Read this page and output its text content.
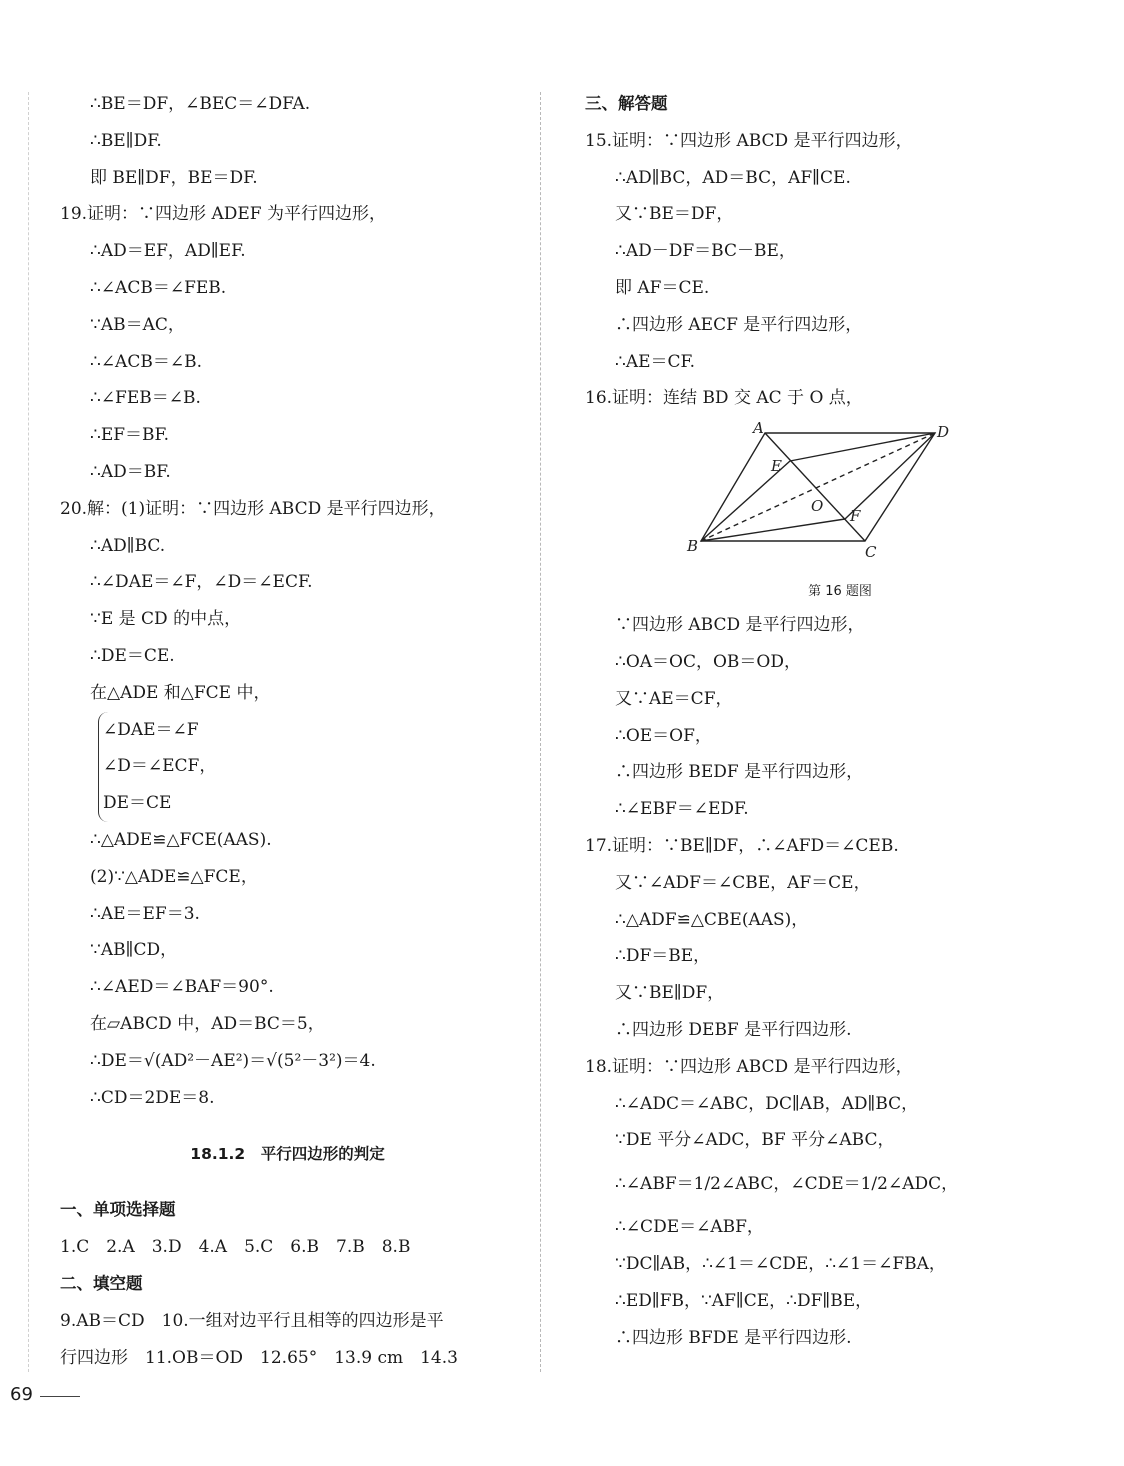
∴BE＝DF，∠BEC＝∠DFA.
∴BE∥DF.
即 BE∥DF，BE＝DF.
19.证明：∵四边形 ADEF 为平行四边形，
∴AD＝EF，AD∥EF.
∴∠ACB＝∠FEB.
∵AB＝AC，
∴∠ACB＝∠B.
∴∠FEB＝∠B.
∴EF＝BF.
∴AD＝BF.
20.解：(1)证明：∵四边形 ABCD 是平行四边形，
∴AD∥BC.
∴∠DAE＝∠F，∠D＝∠ECF.
∵E 是 CD 的中点，
∴DE＝CE.
在△ADE 和△FCE 中，
∠DAE＝∠F
∠D＝∠ECF，
DE＝CE
∴△ADE≌△FCE(AAS).
(2)∵△ADE≌△FCE，
∴AE＝EF＝3.
∵AB∥CD，
∴∠AED＝∠BAF＝90°.
在▱ABCD 中，AD＝BC＝5，
∴DE＝√(AD²－AE²)＝√(5²－3²)＝4.
∴CD＝2DE＝8.
18.1.2　平行四边形的判定
一、单项选择题
1.C　2.A　3.D　4.A　5.C　6.B　7.B　8.B
二、填空题
9.AB＝CD　10.一组对边平行且相等的四边形是平
行四边形　11.OB＝OD　12.65°　13.9 cm　14.3
三、解答题
15.证明：∵四边形 ABCD 是平行四边形，
∴AD∥BC，AD＝BC，AF∥CE.
又∵BE＝DF，
∴AD－DF＝BC－BE，
即 AF＝CE.
∴四边形 AECF 是平行四边形，
∴AE＝CF.
16.证明：连结 BD 交 AC 于 O 点，
A	D
B	C
E
F
O
第 16 题图
∵四边形 ABCD 是平行四边形，
∴OA＝OC，OB＝OD，
又∵AE＝CF，
∴OE＝OF，
∴四边形 BEDF 是平行四边形，
∴∠EBF＝∠EDF.
17.证明：∵BE∥DF，∴∠AFD＝∠CEB.
又∵∠ADF＝∠CBE，AF＝CE，
∴△ADF≌△CBE(AAS)，
∴DF＝BE，
又∵BE∥DF，
∴四边形 DEBF 是平行四边形.
18.证明：∵四边形 ABCD 是平行四边形，
∴∠ADC＝∠ABC，DC∥AB，AD∥BC，
∵DE 平分∠ADC，BF 平分∠ABC，
∴∠ABF＝1/2∠ABC，∠CDE＝1/2∠ADC，
∴∠CDE＝∠ABF，
∵DC∥AB，∴∠1＝∠CDE，∴∠1＝∠FBA，
∴ED∥FB，∵AF∥CE，∴DF∥BE，
∴四边形 BFDE 是平行四边形.
69
